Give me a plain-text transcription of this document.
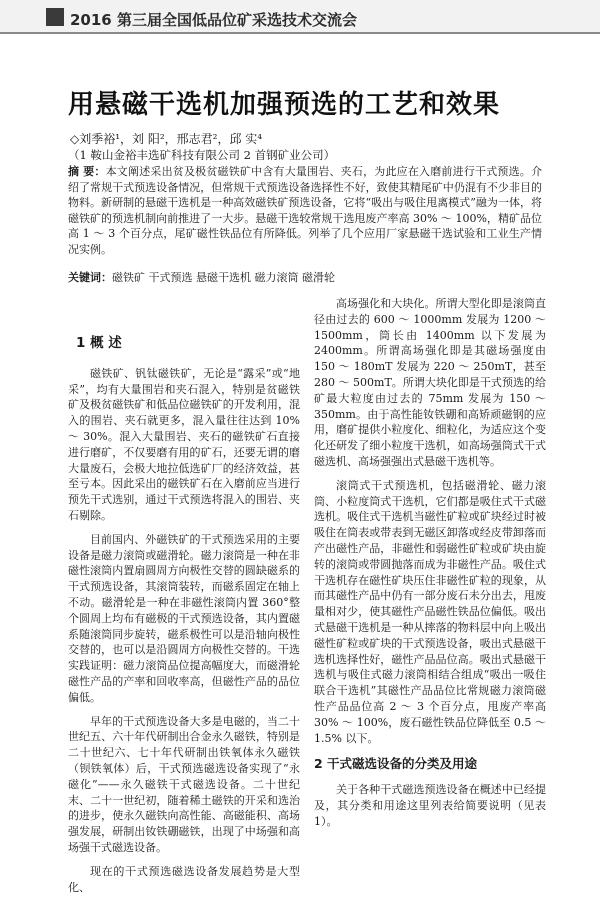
2016 第三届全国低品位矿采选技术交流会
用悬磁干选机加强预选的工艺和效果
◇刘季裕¹，刘 阳²，邢志君²，邱 实⁴
（1 鞍山金裕丰选矿科技有限公司 2 首钢矿业公司）
摘 要：本文阐述采出贫及极贫磁铁矿中含有大量围岩、夹石，为此应在入磨前进行干式预选。介绍了常规干式预选设备情况，但常规干式预选设备选择性不好，致使其精尾矿中仍混有不少非目的物料。新研制的悬磁干选机是一种高效磁铁矿预选设备，它将“吸出与吸住甩离模式”融为一体，将磁铁矿的预选机制向前推进了一大步。悬磁干选较常规干选甩废产率高 30% ～ 100%，精矿品位高 1 ～ 3 个百分点，尾矿磁性铁品位有所降低。列举了几个应用厂家悬磁干选试验和工业生产情况实例。
关键词：磁铁矿 干式预选 悬磁干选机 磁力滚筒 磁滑轮
1 概 述

磁铁矿、钒钛磁铁矿，无论是“露采”或“地采”，均有大量围岩和夹石混入，特别是贫磁铁矿及极贫磁铁矿和低品位磁铁矿的开发利用，混入的围岩、夹石就更多，混入量往往达到 10% ～ 30%。混入大量围岩、夹石的磁铁矿石直接进行磨矿，不仅要磨有用的矿石，还要无谓的磨大量废石，会极大地拉低选矿厂的经济效益，甚至亏本。因此采出的磁铁矿石在入磨前应当进行预先干式选别，通过干式预选将混入的围岩、夹石剔除。

目前国内、外磁铁矿的干式预选采用的主要设备是磁力滚筒或磁滑轮。磁力滚筒是一种在非磁性滚筒内置扇圆周方向极性交替的圆缺磁系的干式预选设备，其滚筒装转，而磁系固定在轴上不动。磁滑轮是一种在非磁性滚筒内置 360°整个圆周上均布有磁极的干式预选设备，其内置磁系随滚筒同步旋转，磁系极性可以是沿轴向极性交替的，也可以是沿圆周方向极性交替的。干选实践证明：磁力滚筒品位提高幅度大，而磁滑轮磁性产品的产率和回收率高，但磁性产品的品位偏低。

早年的干式预选设备大多是电磁的，当二十世纪五、六十年代研制出合金永久磁铁，特别是二十世纪六、七十年代研制出铁氧体永久磁铁（钡铁氧体）后，干式预选磁选设备实现了“永磁化”——永久磁铁干式磁选设备。二十世纪末、二十一世纪初，随着稀土磁铁的开采和选治的进步，使永久磁铁向高性能、高磁能积、高场强发展，研制出钕铁硼磁铁，出现了中场强和高场强干式磁选设备。

现在的干式预选磁选设备发展趋势是大型化、

高场强化和大块化。所谓大型化即是滚筒直径由过去的 600 ～ 1000mm 发展为 1200 ～ 1500mm，筒长由 1400mm 以下发展为 2400mm。所谓高场强化即是其磁场强度由 150 ～ 180mT 发展为 220 ～ 250mT，甚至 280 ～ 500mT。所谓大块化即是干式预选的给矿最大粒度由过去的 75mm 发展为 150 ～ 350mm。由于高性能钕铁硼和高矫顽磁钢的应用，磨矿提供小粒度化、细粒化，为适应这个变化还研发了细小粒度干选机，如高场强筒式干式磁选机、高场强强出式悬磁干选机等。

滚筒式干式预选机，包括磁滑轮、磁力滚筒、小粒度筒式干选机，它们都是吸住式干式磁选机。吸住式干选机当磁性矿粒或矿块经过时被吸住在筒表或带表到无磁区卸落或经皮带卸落而产出磁性产品，非磁性和弱磁性矿粒或矿块由旋转的滚筒或带圆抛落而成为非磁性产品。吸住式干选机存在磁性矿块压住非磁性矿粒的现象，从而其磁性产品中仍有一部分废石未分出去，甩废量相对少，使其磁性产品磁性铁品位偏低。吸出式悬磁干选机是一种从摔落的物料层中向上吸出磁性矿粒或矿块的干式预选设备，吸出式悬磁干选机选择性好，磁性产品品位高。吸出式悬磁干选机与吸住式磁力滚筒相结合组成“吸出一吸住联合干选机”其磁性产品品位比常规磁力滚筒磁性产品品位高 2 ～ 3 个百分点，甩废产率高 30% ～ 100%，废石磁性铁品位降低至 0.5 ～ 1.5% 以下。

2 干式磁选设备的分类及用途

关于各种干式磁选预选设备在概述中已经提及，其分类和用途这里列表给简要说明（见表 1）。
